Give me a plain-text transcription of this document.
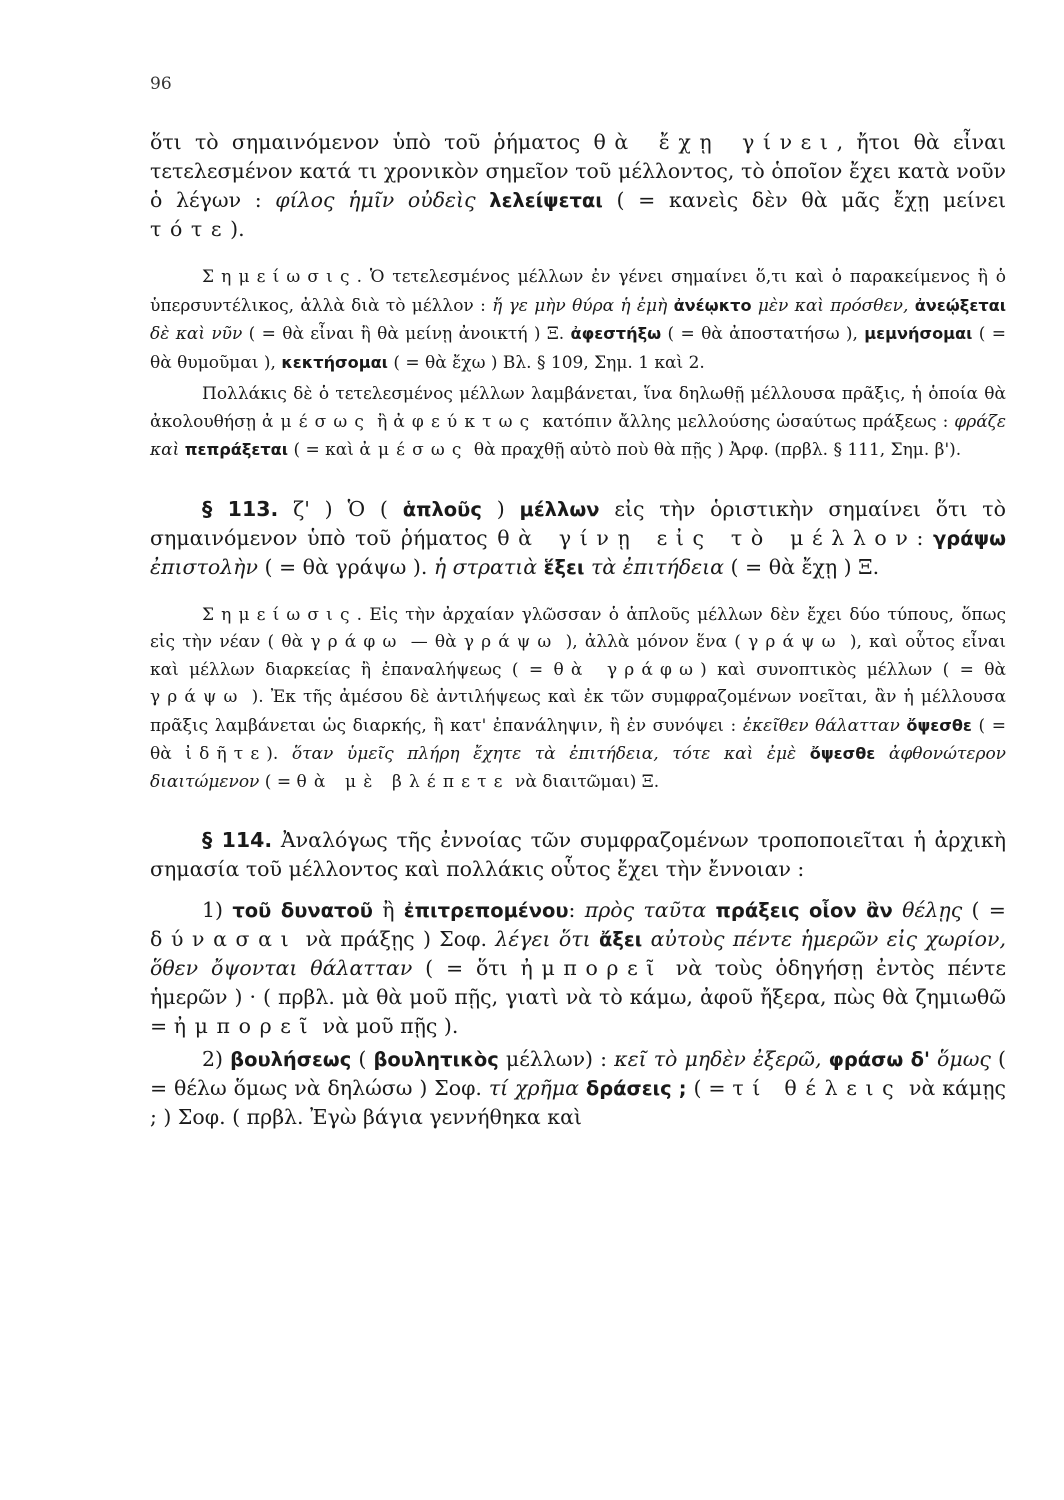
96

ὅτι τὸ σημαινόμενον ὑπὸ τοῦ ῥήματος θὰ ἔχῃ γίνει, ἤτοι θὰ εἶναι τετελεσμένον κατά τι χρονικὸν σημεῖον τοῦ μέλλοντος, τὸ ὁποῖον ἔχει κατὰ νοῦν ὁ λέγων : φίλος ἡμῖν οὐδεὶς λελείψεται ( = κανεὶς δὲν θὰ μᾶς ἔχῃ μείνει τότε).

Σημείωσις. Ὁ τετελεσμένος μέλλων ἐν γένει σημαίνει ὅ,τι καὶ ὁ παρακείμενος ἢ ὁ ὑπερσυντέλικος, ἀλλὰ διὰ τὸ μέλλον : ἤ γε μὴν θύρα ἡ ἐμὴ ἀνέῳκτο μὲν καὶ πρόσθεν, ἀνεῴξεται δὲ καὶ νῦν ( = θὰ εἶναι ἢ θὰ μείνῃ ἀνοικτή ) Ξ. ἀφεστήξω ( = θὰ ἀποστατήσω ), μεμνήσομαι ( = θὰ θυμοῦμαι ), κεκτήσομαι ( = θὰ ἔχω ) Βλ. § 109, Σημ. 1 καὶ 2.

Πολλάκις δὲ ὁ τετελεσμένος μέλλων λαμβάνεται, ἵνα δηλωθῇ μέλλουσα πρᾶξις, ἡ ὁποία θὰ ἀκολουθήσῃ ἀμέσως ἢ ἀφεύκτως κατόπιν ἄλλης μελλούσης ὡσαύτως πράξεως : φράζε καὶ πεπράξεται ( = καὶ ἀμέσως θὰ πραχθῇ αὐτὸ ποὺ θὰ πῇς ) Ἀρφ. (πρβλ. § 111, Σημ. β').

§ 113. ζ' ) Ὁ ( ἁπλοῦς ) μέλλων εἰς τὴν ὁριστικὴν σημαίνει ὅτι τὸ σημαινόμενον ὑπὸ τοῦ ῥήματος θὰ γίνῃ εἰς τὸ μέλλον: γράψω ἐπιστολὴν ( = θὰ γράψω ). ἡ στρατιὰ ἕξει τὰ ἐπιτήδεια ( = θὰ ἔχῃ ) Ξ.

Σημείωσις. Εἰς τὴν ἀρχαίαν γλῶσσαν ὁ ἁπλοῦς μέλλων δὲν ἔχει δύο τύπους, ὅπως εἰς τὴν νέαν ( θὰ γράφω — θὰ γράψω ), ἀλλὰ μόνον ἕνα ( γράψω ), καὶ οὗτος εἶναι καὶ μέλλων διαρκείας ἢ ἐπαναλήψεως ( = θὰ γράφω) καὶ συνοπτικὸς μέλλων ( = θὰ γράψω ). Ἐκ τῆς ἀμέσου δὲ ἀντιλήψεως καὶ ἐκ τῶν συμφραζομένων νοεῖται, ἂν ἡ μέλλουσα πρᾶξις λαμβάνεται ὡς διαρκής, ἢ κατ' ἐπανάληψιν, ἢ ἐν συνόψει : ἐκεῖθεν θάλατταν ὄψεσθε ( = θὰ ἰδῆτε). ὅταν ὑμεῖς πλήρη ἔχητε τὰ ἐπιτήδεια, τότε καὶ ἐμὲ ὄψεσθε ἀφθονώτερον διαιτώμενον ( = θὰ μὲ βλέπετε νὰ διαιτῶμαι) Ξ.

§ 114. Ἀναλόγως τῆς ἐννοίας τῶν συμφραζομένων τροποποιεῖται ἡ ἀρχικὴ σημασία τοῦ μέλλοντος καὶ πολλάκις οὗτος ἔχει τὴν ἔννοιαν :

1) τοῦ δυνατοῦ ἢ ἐπιτρεπομένου: πρὸς ταῦτα πράξεις οἷον ἂν θέλῃς ( = δύνασαι νὰ πράξῃς ) Σοφ. λέγει ὅτι ἄξει αὐτοὺς πέντε ἡμερῶν εἰς χωρίον, ὅθεν ὄψονται θάλατταν ( = ὅτι ἠμπορεῖ νὰ τοὺς ὁδηγήσῃ ἐντὸς πέντε ἡμερῶν ) · ( πρβλ. μὰ θὰ μοῦ πῇς, γιατὶ νὰ τὸ κάμω, ἀφοῦ ἤξερα, πὼς θὰ ζημιωθῶ = ἠμπορεῖ νὰ μοῦ πῇς ).

2) βουλήσεως ( βουλητικὸς μέλλων) : κεῖ τὸ μηδὲν ἐξερῶ, φράσω δ' ὅμως ( = θέλω ὅμως νὰ δηλώσω ) Σοφ. τί χρῆμα δράσεις ; ( = τί θέλεις νὰ κάμῃς ; ) Σοφ. ( πρβλ. Ἐγὼ βάγια γεννήθηκα καὶ
